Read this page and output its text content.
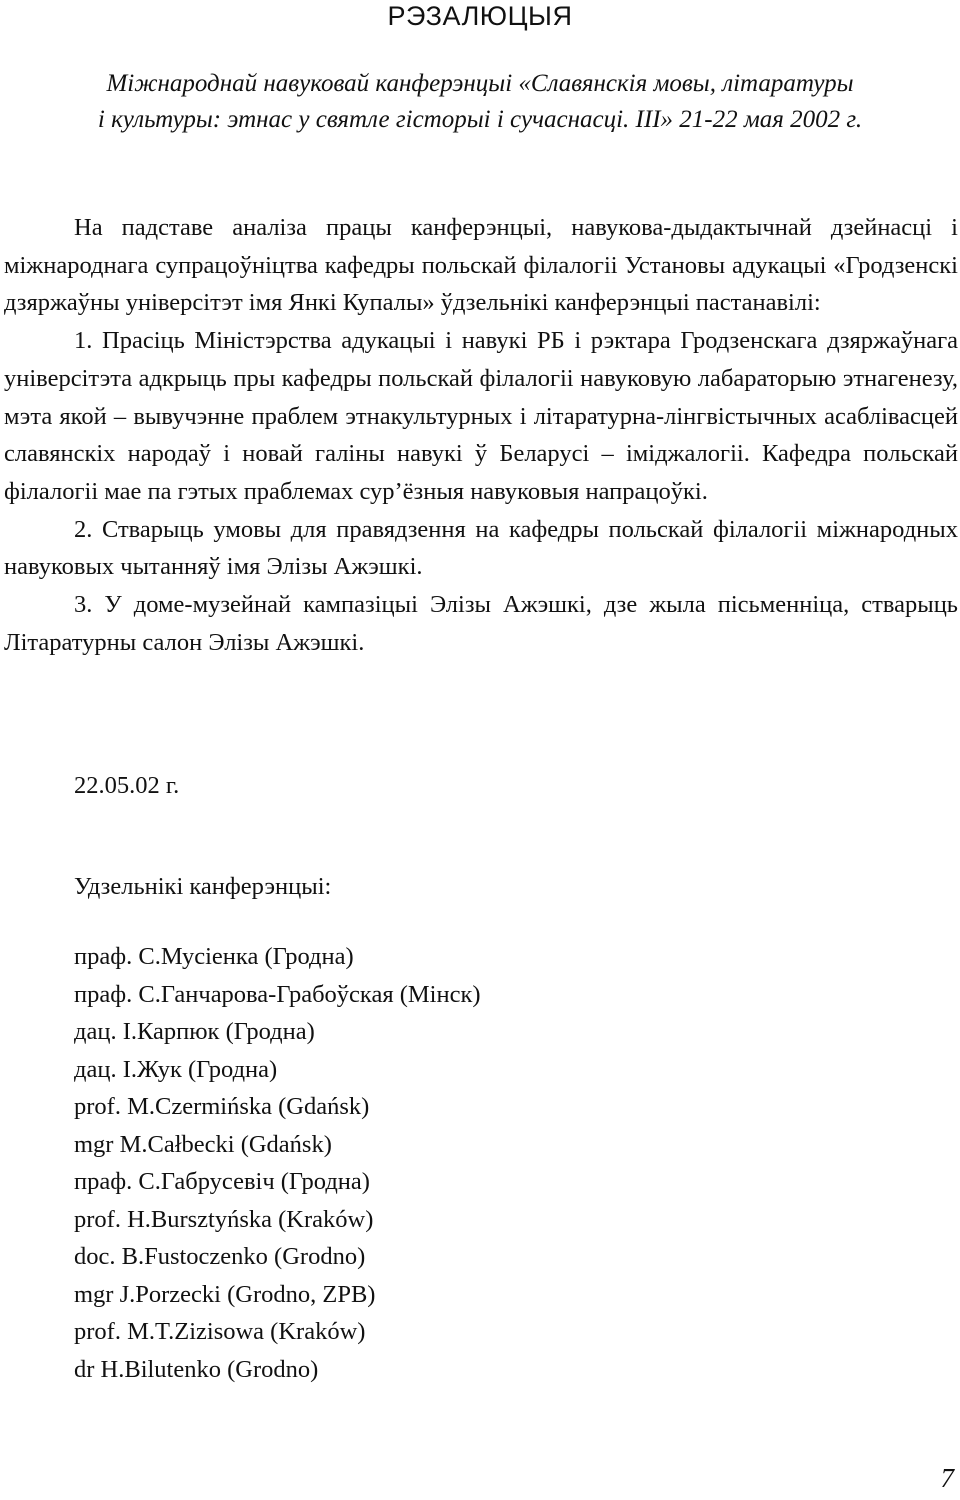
РЭЗАЛЮЦЫЯ
Міжнароднай навуковай канферэнцыі «Славянскія мовы, літаратуры
і культуры: этнас у святле гісторыі і сучаснасці. ІІІ» 21-22 мая 2002 г.

На падставе аналіза працы канферэнцыі, навукова-дыдактычнай дзейнасці і міжнароднага супрацоўніцтва кафедры польскай філалогіі Установы адукацыі «Гродзенскі дзяржаўны універсітэт імя Янкі Купалы» ўдзельнікі канферэнцыі пастанавілі:

1. Прасіць Міністэрства адукацыі і навукі РБ і рэктара Гродзенскага дзяржаўнага універсітэта адкрыць пры кафедры польскай філалогіі навуковую лабараторыю этнагенезу, мэта якой – вывучэнне праблем этнакультурных і літаратурна-лінгвістычных асаблівасцей славянскіх народаў і новай галіны навукі ў Беларусі – іміджалогіі. Кафедра польскай філалогіі мае па гэтых праблемах сур’ёзныя навуковыя напрацоўкі.

2. Стварыць умовы для правядзення на кафедры польскай філалогіі міжнародных навуковых чытанняў імя Элізы Ажэшкі.

3. У доме-музейнай кампазіцыі Элізы Ажэшкі, дзе жыла пісьменніца, стварыць Літаратурны салон Элізы Ажэшкі.

22.05.02 г.
Удзельнікі канферэнцыі:
праф. С.Мусіенка (Гродна)
праф. С.Ганчарова-Грабоўская (Мінск)
дац. І.Карпюк (Гродна)
дац. І.Жук (Гродна)
prof. M.Czermińska (Gdańsk)
mgr M.Całbecki (Gdańsk)
праф. С.Габрусевіч (Гродна)
prof. H.Bursztyńska (Kraków)
doc. B.Fustoczenko (Grodno)
mgr J.Porzecki (Grodno, ZPB)
prof. M.T.Zizisowa (Kraków)
dr H.Bilutenko (Grodno)
7
